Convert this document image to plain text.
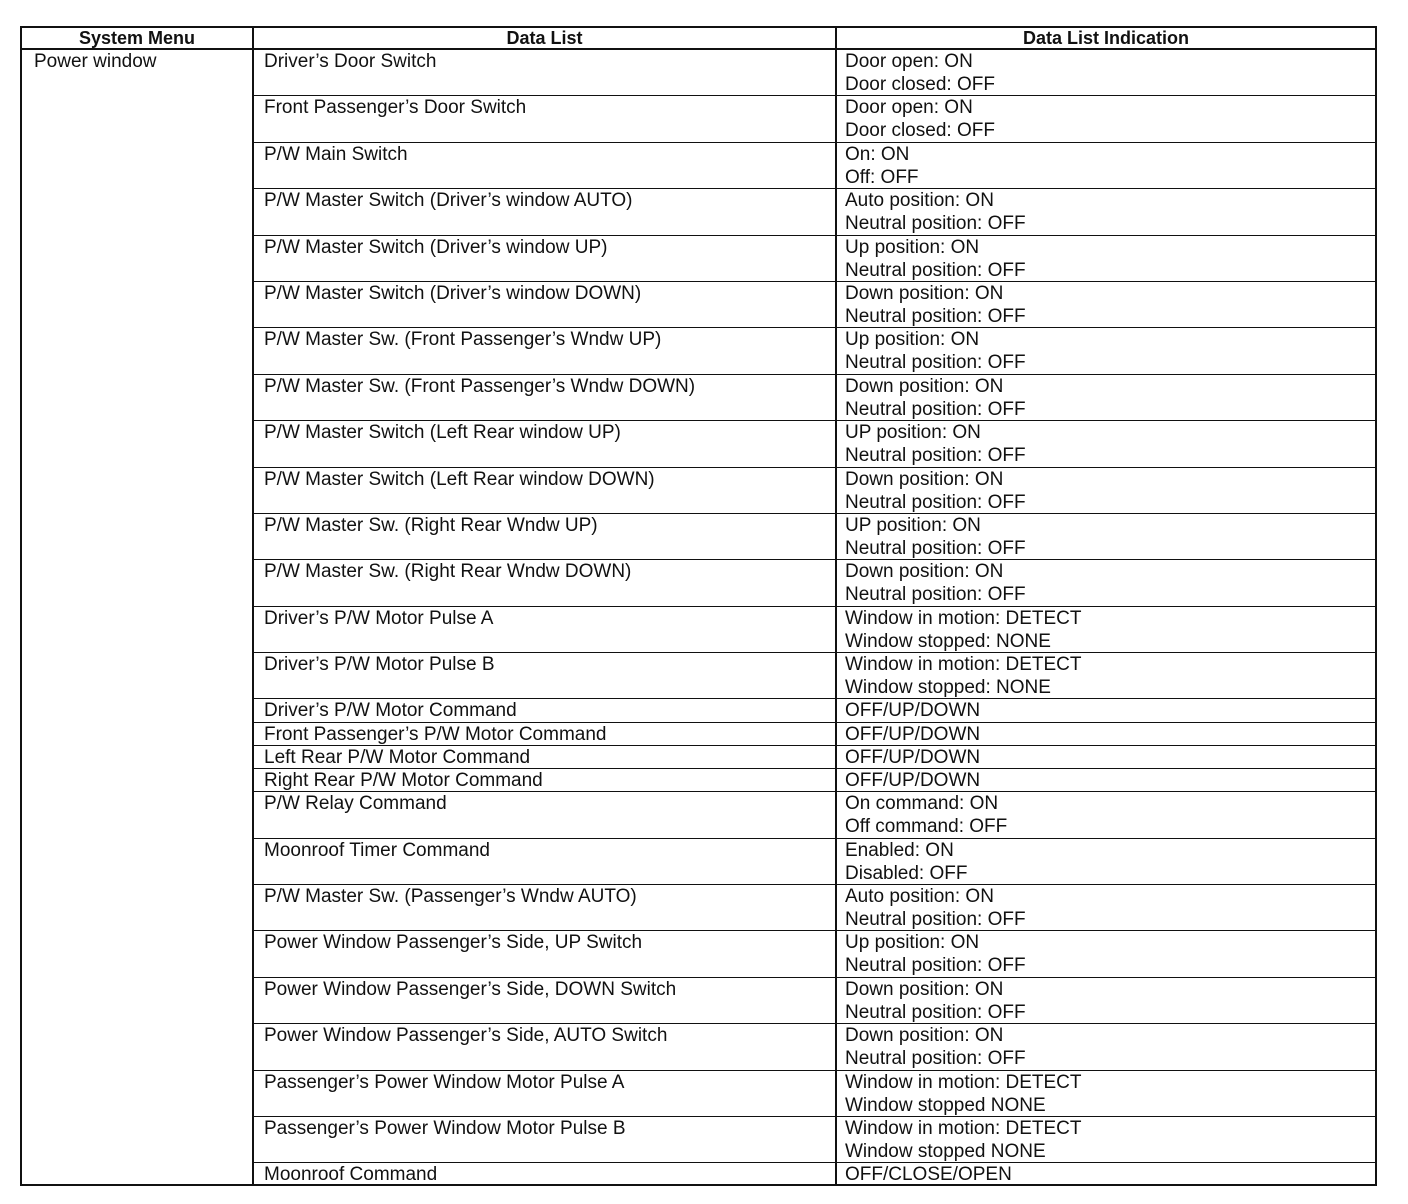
System Menu	Data List	Data List Indication
Power window	Driver’s Door Switch	Door open: ON
Door closed: OFF
Front Passenger’s Door Switch	Door open: ON
Door closed: OFF
P/W Main Switch	On: ON
Off: OFF
P/W Master Switch (Driver’s window AUTO)	Auto position: ON
Neutral position: OFF
P/W Master Switch (Driver’s window UP)	Up position: ON
Neutral position: OFF
P/W Master Switch (Driver’s window DOWN)	Down position: ON
Neutral position: OFF
P/W Master Sw. (Front Passenger’s Wndw UP)	Up position: ON
Neutral position: OFF
P/W Master Sw. (Front Passenger’s Wndw DOWN)	Down position: ON
Neutral position: OFF
P/W Master Switch (Left Rear window UP)	UP position: ON
Neutral position: OFF
P/W Master Switch (Left Rear window DOWN)	Down position: ON
Neutral position: OFF
P/W Master Sw. (Right Rear Wndw UP)	UP position: ON
Neutral position: OFF
P/W Master Sw. (Right Rear Wndw DOWN)	Down position: ON
Neutral position: OFF
Driver’s P/W Motor Pulse A	Window in motion: DETECT
Window stopped: NONE
Driver’s P/W Motor Pulse B	Window in motion: DETECT
Window stopped: NONE
Driver’s P/W Motor Command	OFF/UP/DOWN
Front Passenger’s P/W Motor Command	OFF/UP/DOWN
Left Rear P/W Motor Command	OFF/UP/DOWN
Right Rear P/W Motor Command	OFF/UP/DOWN
P/W Relay Command	On command: ON
Off command: OFF
Moonroof Timer Command	Enabled: ON
Disabled: OFF
P/W Master Sw. (Passenger’s Wndw AUTO)	Auto position: ON
Neutral position: OFF
Power Window Passenger’s Side, UP Switch	Up position: ON
Neutral position: OFF
Power Window Passenger’s Side, DOWN Switch	Down position: ON
Neutral position: OFF
Power Window Passenger’s Side, AUTO Switch	Down position: ON
Neutral position: OFF
Passenger’s Power Window Motor Pulse A	Window in motion: DETECT
Window stopped NONE
Passenger’s Power Window Motor Pulse B	Window in motion: DETECT
Window stopped NONE
Moonroof Command	OFF/CLOSE/OPEN
